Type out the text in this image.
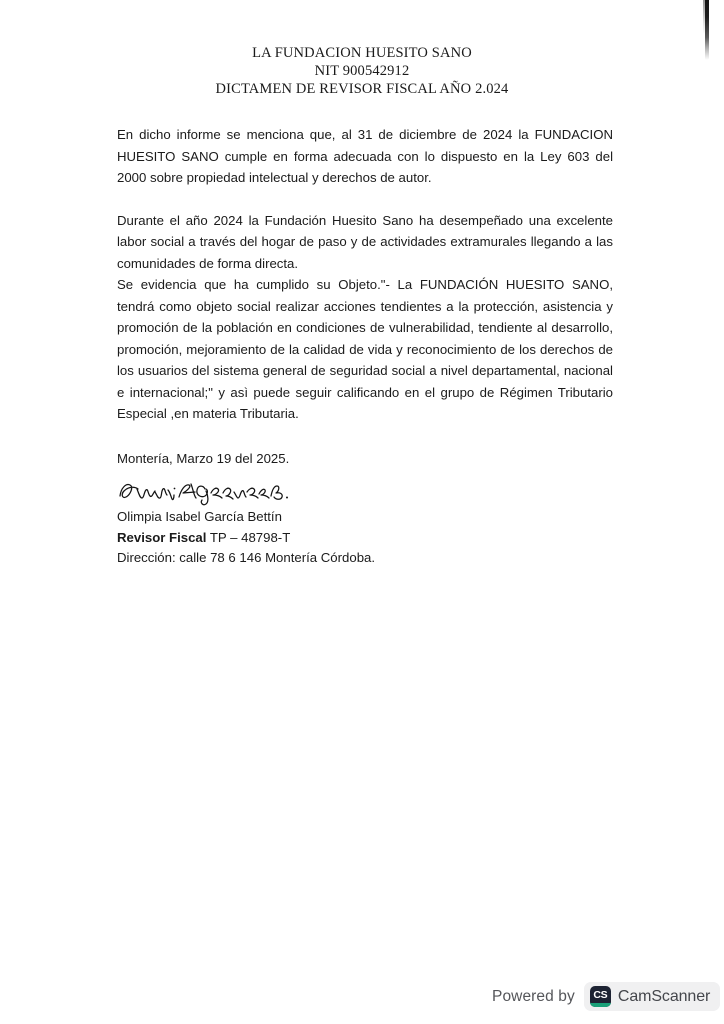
LA FUNDACION HUESITO SANO
NIT 900542912
DICTAMEN DE REVISOR FISCAL AÑO 2.024

En dicho informe se menciona que, al 31 de diciembre de 2024 la FUNDACION HUESITO SANO cumple en forma adecuada con lo dispuesto en la Ley 603 del 2000 sobre propiedad intelectual y derechos de autor.

Durante el año 2024 la Fundación Huesito Sano ha desempeñado una excelente labor social a través del hogar de paso y de actividades extramurales llegando a las comunidades de forma directa.

Se evidencia que ha cumplido su Objeto."- La FUNDACIÓN HUESITO SANO, tendrá como objeto social realizar acciones tendientes a la protección, asistencia y promoción de la población en condiciones de vulnerabilidad, tendiente al desarrollo, promoción, mejoramiento de la calidad de vida y reconocimiento de los derechos de los usuarios del sistema general de seguridad social a nivel departamental, nacional e internacional;" y asì puede seguir calificando en el grupo de Régimen Tributario Especial ,en materia Tributaria.

Montería, Marzo 19 del 2025.
Olimpia Isabel García Bettín
Revisor Fiscal TP – 48798-T
Dirección: calle 78 6 146 Montería Córdoba.
Powered by CS CamScanner
